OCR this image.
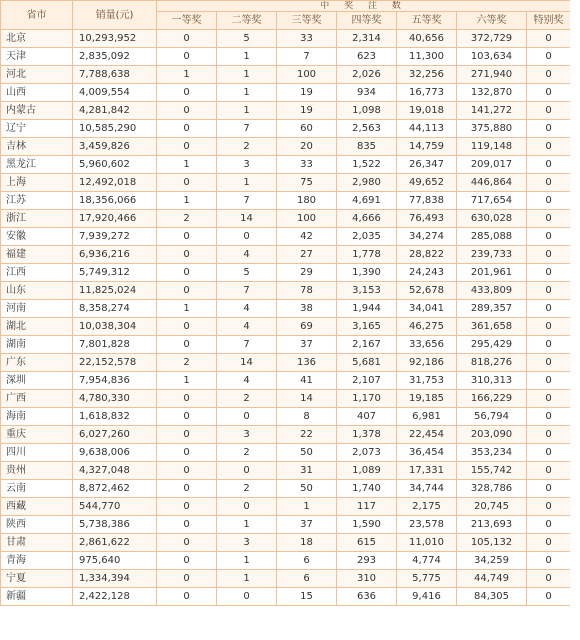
省市	销量(元)	中 奖 注 数						
		一等奖	二等奖	三等奖	四等奖	五等奖	六等奖	特别奖
北京	10,293,952	0	5	33	2,314	40,656	372,729	0
天津	2,835,092	0	1	7	623	11,300	103,634	0
河北	7,788,638	1	1	100	2,026	32,256	271,940	0
山西	4,009,554	0	1	19	934	16,773	132,870	0
内蒙古	4,281,842	0	1	19	1,098	19,018	141,272	0
辽宁	10,585,290	0	7	60	2,563	44,113	375,880	0
吉林	3,459,826	0	2	20	835	14,759	119,148	0
黑龙江	5,960,602	1	3	33	1,522	26,347	209,017	0
上海	12,492,018	0	1	75	2,980	49,652	446,864	0
江苏	18,356,066	1	7	180	4,691	77,838	717,654	0
浙江	17,920,466	2	14	100	4,666	76,493	630,028	0
安徽	7,939,272	0	0	42	2,035	34,274	285,088	0
福建	6,936,216	0	4	27	1,778	28,822	239,733	0
江西	5,749,312	0	5	29	1,390	24,243	201,961	0
山东	11,825,024	0	7	78	3,153	52,678	433,809	0
河南	8,358,274	1	4	38	1,944	34,041	289,357	0
湖北	10,038,304	0	4	69	3,165	46,275	361,658	0
湖南	7,801,828	0	7	37	2,167	33,656	295,429	0
广东	22,152,578	2	14	136	5,681	92,186	818,276	0
深圳	7,954,836	1	4	41	2,107	31,753	310,313	0
广西	4,780,330	0	2	14	1,170	19,185	166,229	0
海南	1,618,832	0	0	8	407	6,981	56,794	0
重庆	6,027,260	0	3	22	1,378	22,454	203,090	0
四川	9,638,006	0	2	50	2,073	36,454	353,234	0
贵州	4,327,048	0	0	31	1,089	17,331	155,742	0
云南	8,872,462	0	2	50	1,740	34,744	328,786	0
西藏	544,770	0	0	1	117	2,175	20,745	0
陕西	5,738,386	0	1	37	1,590	23,578	213,693	0
甘肃	2,861,622	0	3	18	615	11,010	105,132	0
青海	975,640	0	1	6	293	4,774	34,259	0
宁夏	1,334,394	0	1	6	310	5,775	44,749	0
新疆	2,422,128	0	0	15	636	9,416	84,305	0
